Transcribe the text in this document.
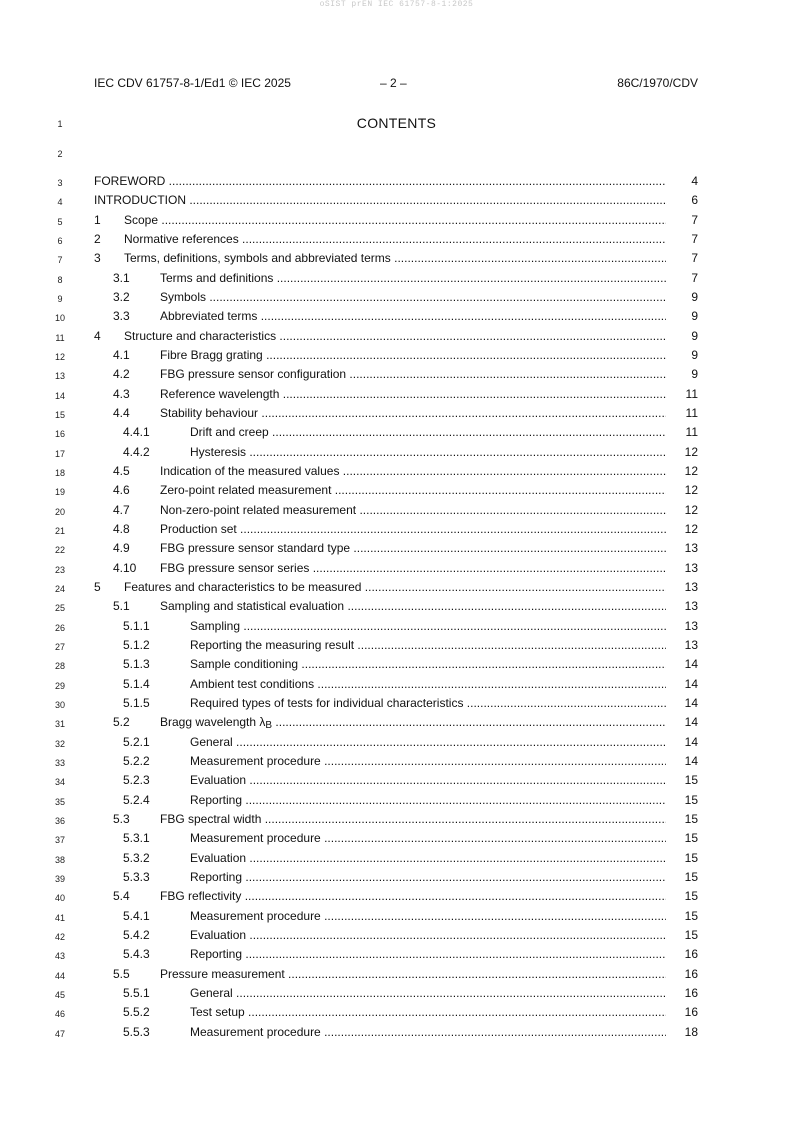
oSIST prEN IEC 61757-8-1:2025
IEC CDV 61757-8-1/Ed1 © IEC 2025	– 2 –	86C/1970/CDV
1	CONTENTS
2
FOREWORD .....	4
INTRODUCTION .....	6
1 Scope .....	7
2 Normative references .....	7
3 Terms, definitions, symbols and abbreviated terms .....	7
3.1	Terms and definitions .....	7
3.2	Symbols .....	9
3.3	Abbreviated terms .....	9
4 Structure and characteristics .....	9
4.1	Fibre Bragg grating .....	9
4.2	FBG pressure sensor configuration .....	9
4.3	Reference wavelength .....	11
4.4	Stability behaviour .....	11
4.4.1	Drift and creep .....	11
4.4.2	Hysteresis .....	12
4.5	Indication of the measured values .....	12
4.6	Zero-point related measurement .....	12
4.7	Non-zero-point related measurement .....	12
4.8	Production set .....	12
4.9	FBG pressure sensor standard type .....	13
4.10 FBG pressure sensor series .....	13
5 Features and characteristics to be measured .....	13
5.1	Sampling and statistical evaluation .....	13
5.1.1	Sampling .....	13
5.1.2	Reporting the measuring result .....	13
5.1.3	Sample conditioning .....	14
5.1.4	Ambient test conditions .....	14
5.1.5	Required types of tests for individual characteristics .....	14
5.2	Bragg wavelength $\lambda_B$ .....	14
5.2.1	General .....	14
5.2.2	Measurement procedure .....	14
5.2.3	Evaluation .....	15
5.2.4	Reporting .....	15
5.3	FBG spectral width .....	15
5.3.1	Measurement procedure .....	15
5.3.2	Evaluation .....	15
5.3.3	Reporting .....	15
5.4	FBG reflectivity .....	15
5.4.1	Measurement procedure .....	15
5.4.2	Evaluation .....	15
5.4.3	Reporting .....	16
5.5	Pressure measurement .....	16
5.5.1	General .....	16
5.5.2	Test setup .....	16
5.5.3	Measurement procedure .....	18
3
4
5
6
7
8
9
10
11
12
13
14
15
16
17
18
19
20
21
22
23
24
25
26
27
28
29
30
31
32
33
34
35
36
37
38
39
40
41
42
43
44
45
46
47
